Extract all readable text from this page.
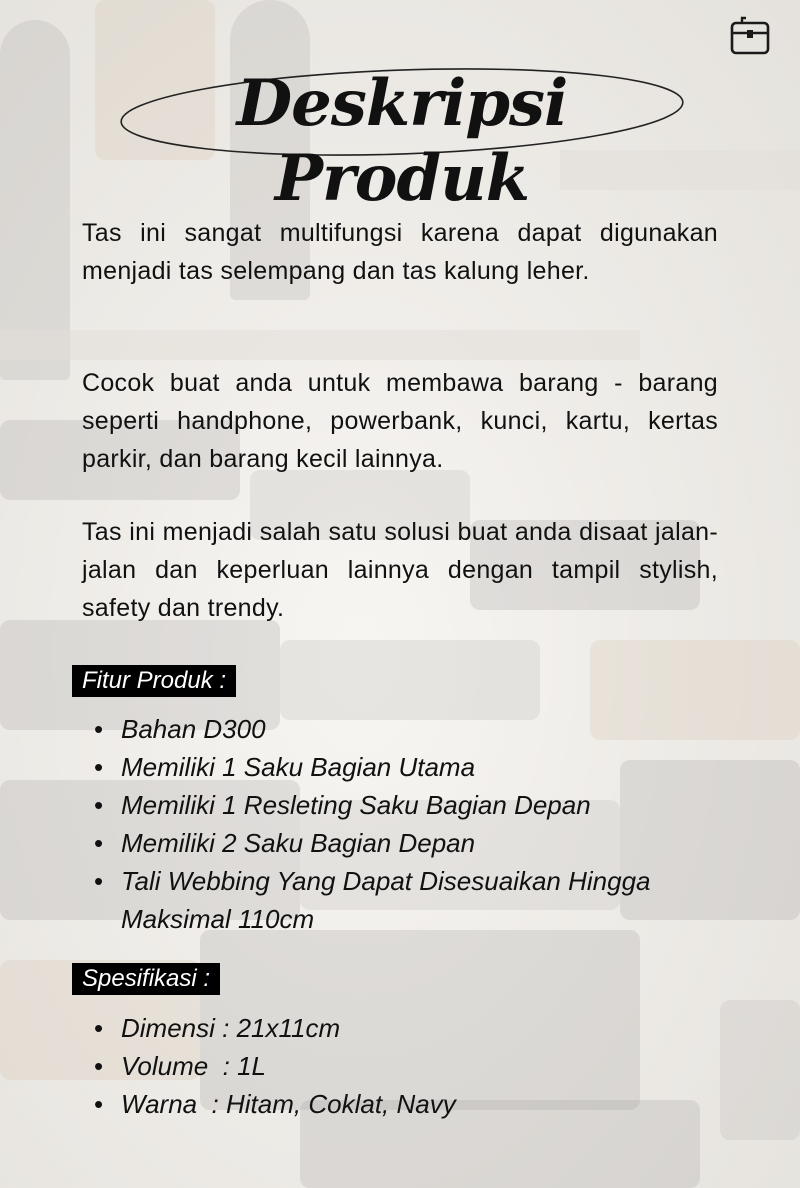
Deskripsi Produk

Tas ini sangat multifungsi karena dapat digunakan menjadi tas selempang dan tas kalung leher.

Cocok buat anda untuk membawa barang - barang seperti handphone, powerbank, kunci, kartu, kertas parkir, dan barang kecil lainnya.

Tas ini menjadi salah satu solusi buat anda disaat jalan-jalan dan keperluan lainnya dengan tampil stylish, safety dan trendy.

Fitur Produk :
• Bahan D300
• Memiliki 1 Saku Bagian Utama
• Memiliki 1 Resleting Saku Bagian Depan
• Memiliki 2 Saku Bagian Depan
• Tali Webbing Yang Dapat Disesuaikan Hingga Maksimal 110cm
Spesifikasi :
• Dimensi : 21x11cm
• Volume  : 1L
• Warna  : Hitam, Coklat, Navy
